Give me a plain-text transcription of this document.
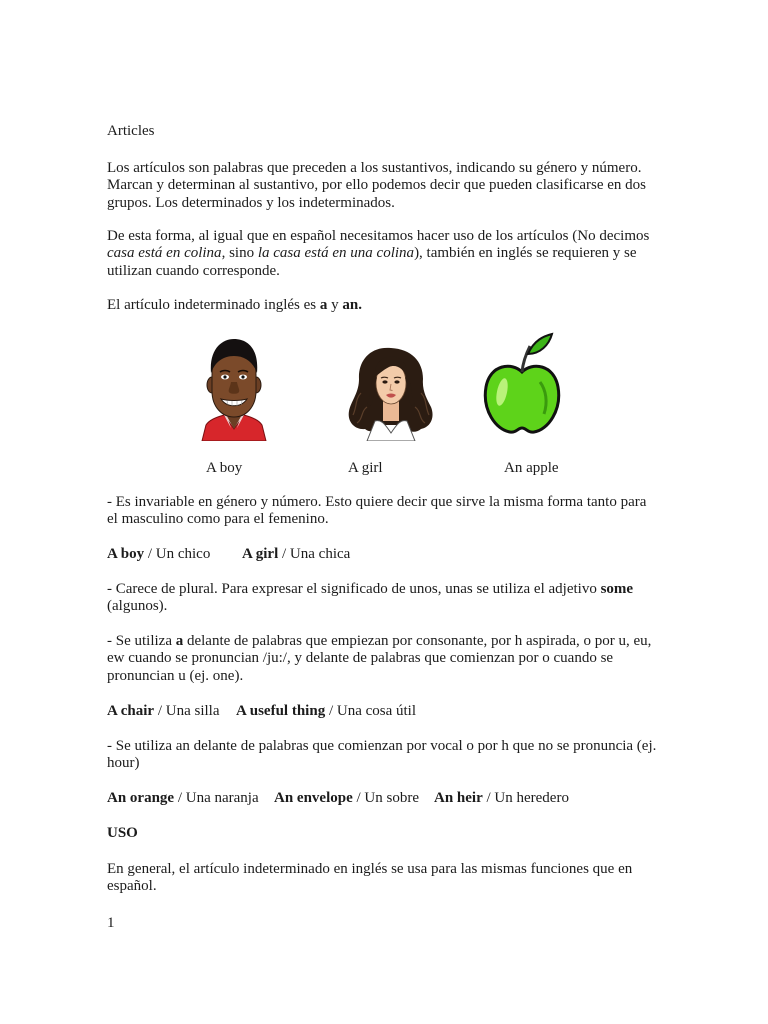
Articles
Los artículos son palabras que preceden a los sustantivos, indicando su género y número.
Marcan y determinan al sustantivo, por ello podemos decir que pueden clasificarse en dos
grupos. Los determinados y los indeterminados.
De esta forma, al igual que en español necesitamos hacer uso de los artículos (No decimos
casa está en colina, sino la casa está en una colina), también en inglés se requieren y se
utilizan cuando corresponde.
El artículo indeterminado inglés es a y an.
A boy	A girl	An apple
- Es invariable en género y número. Esto quiere decir que sirve la misma forma tanto para
el masculino como para el femenino.
A boy / Un chico A girl / Una chica
- Carece de plural. Para expresar el significado de unos, unas se utiliza el adjetivo some
(algunos).
- Se utiliza a delante de palabras que empiezan por consonante, por h aspirada, o por u, eu,
ew cuando se pronuncian /ju:/, y delante de palabras que comienzan por o cuando se
pronuncian u (ej. one).
A chair / Una silla A useful thing / Una cosa útil
- Se utiliza an delante de palabras que comienzan por vocal o por h que no se pronuncia (ej.
hour)
An orange / Una naranja An envelope / Un sobre An heir / Un heredero
USO
En general, el artículo indeterminado en inglés se usa para las mismas funciones que en
español.
1
